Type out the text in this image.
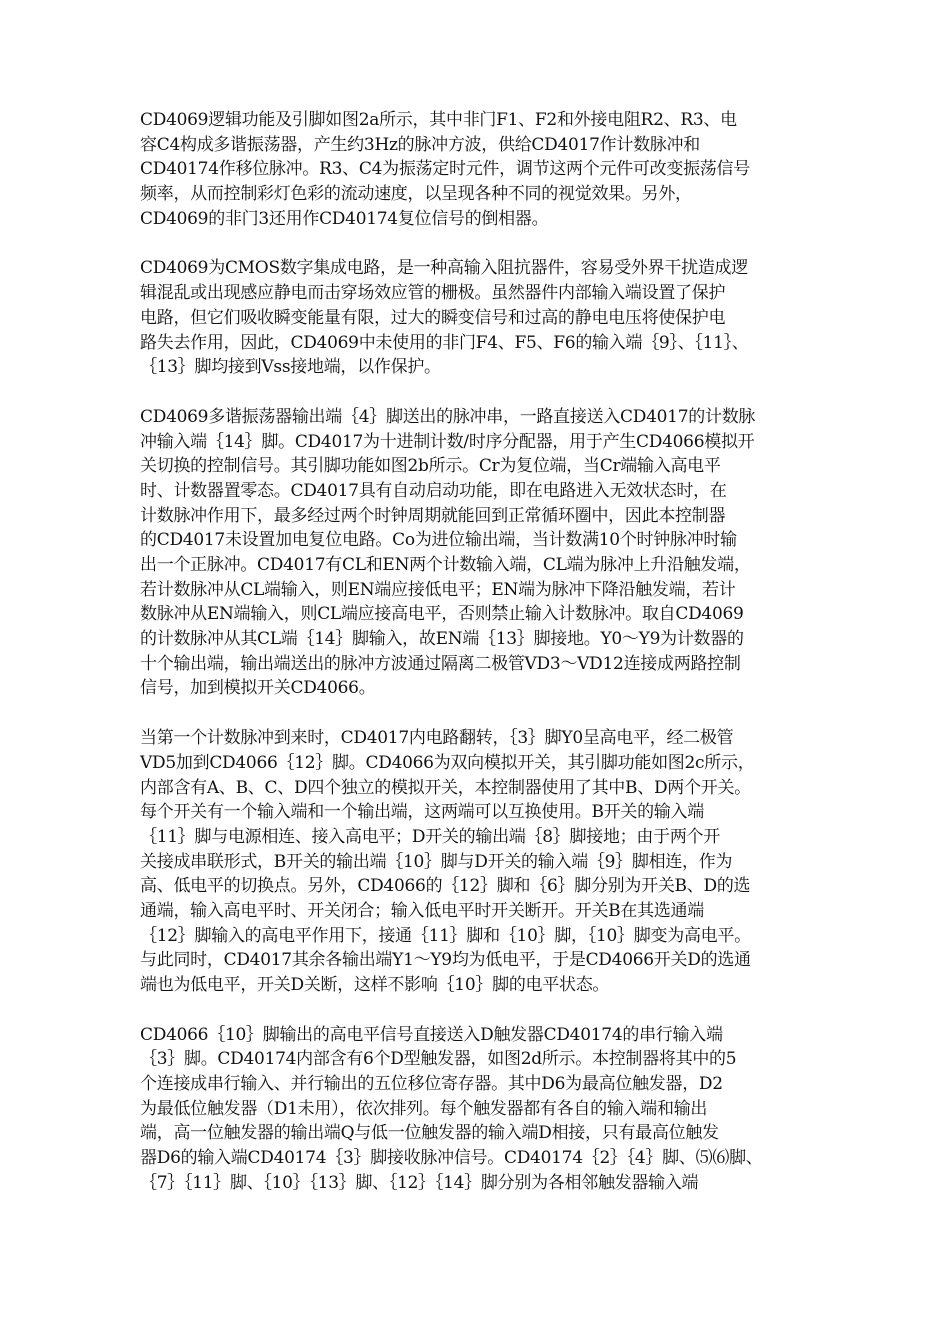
CD4069逻辑功能及引脚如图2a所示，其中非门F1、F2和外接电阻R2、R3、电
容C4构成多谐振荡器，产生约3Hz的脉冲方波，供给CD4017作计数脉冲和
CD40174作移位脉冲。R3、C4为振荡定时元件，调节这两个元件可改变振荡信号
频率，从而控制彩灯色彩的流动速度，以呈现各种不同的视觉效果。另外，
CD4069的非门3还用作CD40174复位信号的倒相器。
CD4069为CMOS数字集成电路，是一种高输入阻抗器件，容易受外界干扰造成逻
辑混乱或出现感应静电而击穿场效应管的栅极。虽然器件内部输入端设置了保护
电路，但它们吸收瞬变能量有限，过大的瞬变信号和过高的静电电压将使保护电
路失去作用，因此，CD4069中未使用的非门F4、F5、F6的输入端｛9｝、｛11｝、
｛13｝脚均接到Vss接地端，以作保护。
CD4069多谐振荡器输出端｛4｝脚送出的脉冲串，一路直接送入CD4017的计数脉
冲输入端｛14｝脚。CD4017为十进制计数/时序分配器，用于产生CD4066模拟开
关切换的控制信号。其引脚功能如图2b所示。Cr为复位端，当Cr端输入高电平
时、计数器置零态。CD4017具有自动启动功能，即在电路进入无效状态时，在
计数脉冲作用下，最多经过两个时钟周期就能回到正常循环圈中，因此本控制器
的CD4017未设置加电复位电路。Co为进位输出端，当计数满10个时钟脉冲时输
出一个正脉冲。CD4017有CL和EN两个计数输入端，CL端为脉冲上升沿触发端，
若计数脉冲从CL端输入，则EN端应接低电平；EN端为脉冲下降沿触发端，若计
数脉冲从EN端输入，则CL端应接高电平，否则禁止输入计数脉冲。取自CD4069
的计数脉冲从其CL端｛14｝脚输入，故EN端｛13｝脚接地。Y0～Y9为计数器的
十个输出端，输出端送出的脉冲方波通过隔离二极管VD3～VD12连接成两路控制
信号，加到模拟开关CD4066。
当第一个计数脉冲到来时，CD4017内电路翻转，｛3｝脚Y0呈高电平，经二极管
VD5加到CD4066｛12｝脚。CD4066为双向模拟开关，其引脚功能如图2c所示，
内部含有A、B、C、D四个独立的模拟开关，本控制器使用了其中B、D两个开关。
每个开关有一个输入端和一个输出端，这两端可以互换使用。B开关的输入端
｛11｝脚与电源相连、接入高电平；D开关的输出端｛8｝脚接地；由于两个开
关接成串联形式，B开关的输出端｛10｝脚与D开关的输入端｛9｝脚相连，作为
高、低电平的切换点。另外，CD4066的｛12｝脚和｛6｝脚分别为开关B、D的选
通端，输入高电平时、开关闭合；输入低电平时开关断开。开关B在其选通端
｛12｝脚输入的高电平作用下，接通｛11｝脚和｛10｝脚，｛10｝脚变为高电平。
与此同时，CD4017其余各输出端Y1～Y9均为低电平，于是CD4066开关D的选通
端也为低电平，开关D关断，这样不影响｛10｝脚的电平状态。
CD4066｛10｝脚输出的高电平信号直接送入D触发器CD40174的串行输入端
｛3｝脚。CD40174内部含有6个D型触发器，如图2d所示。本控制器将其中的5
个连接成串行输入、并行输出的五位移位寄存器。其中D6为最高位触发器，D2
为最低位触发器（D1未用），依次排列。每个触发器都有各自的输入端和输出
端，高一位触发器的输出端Q与低一位触发器的输入端D相接，只有最高位触发
器D6的输入端CD40174｛3｝脚接收脉冲信号。CD40174｛2｝｛4｝脚、⑸⑹脚、
｛7｝｛11｝脚、｛10｝｛13｝脚、｛12｝｛14｝脚分别为各相邻触发器输入端
